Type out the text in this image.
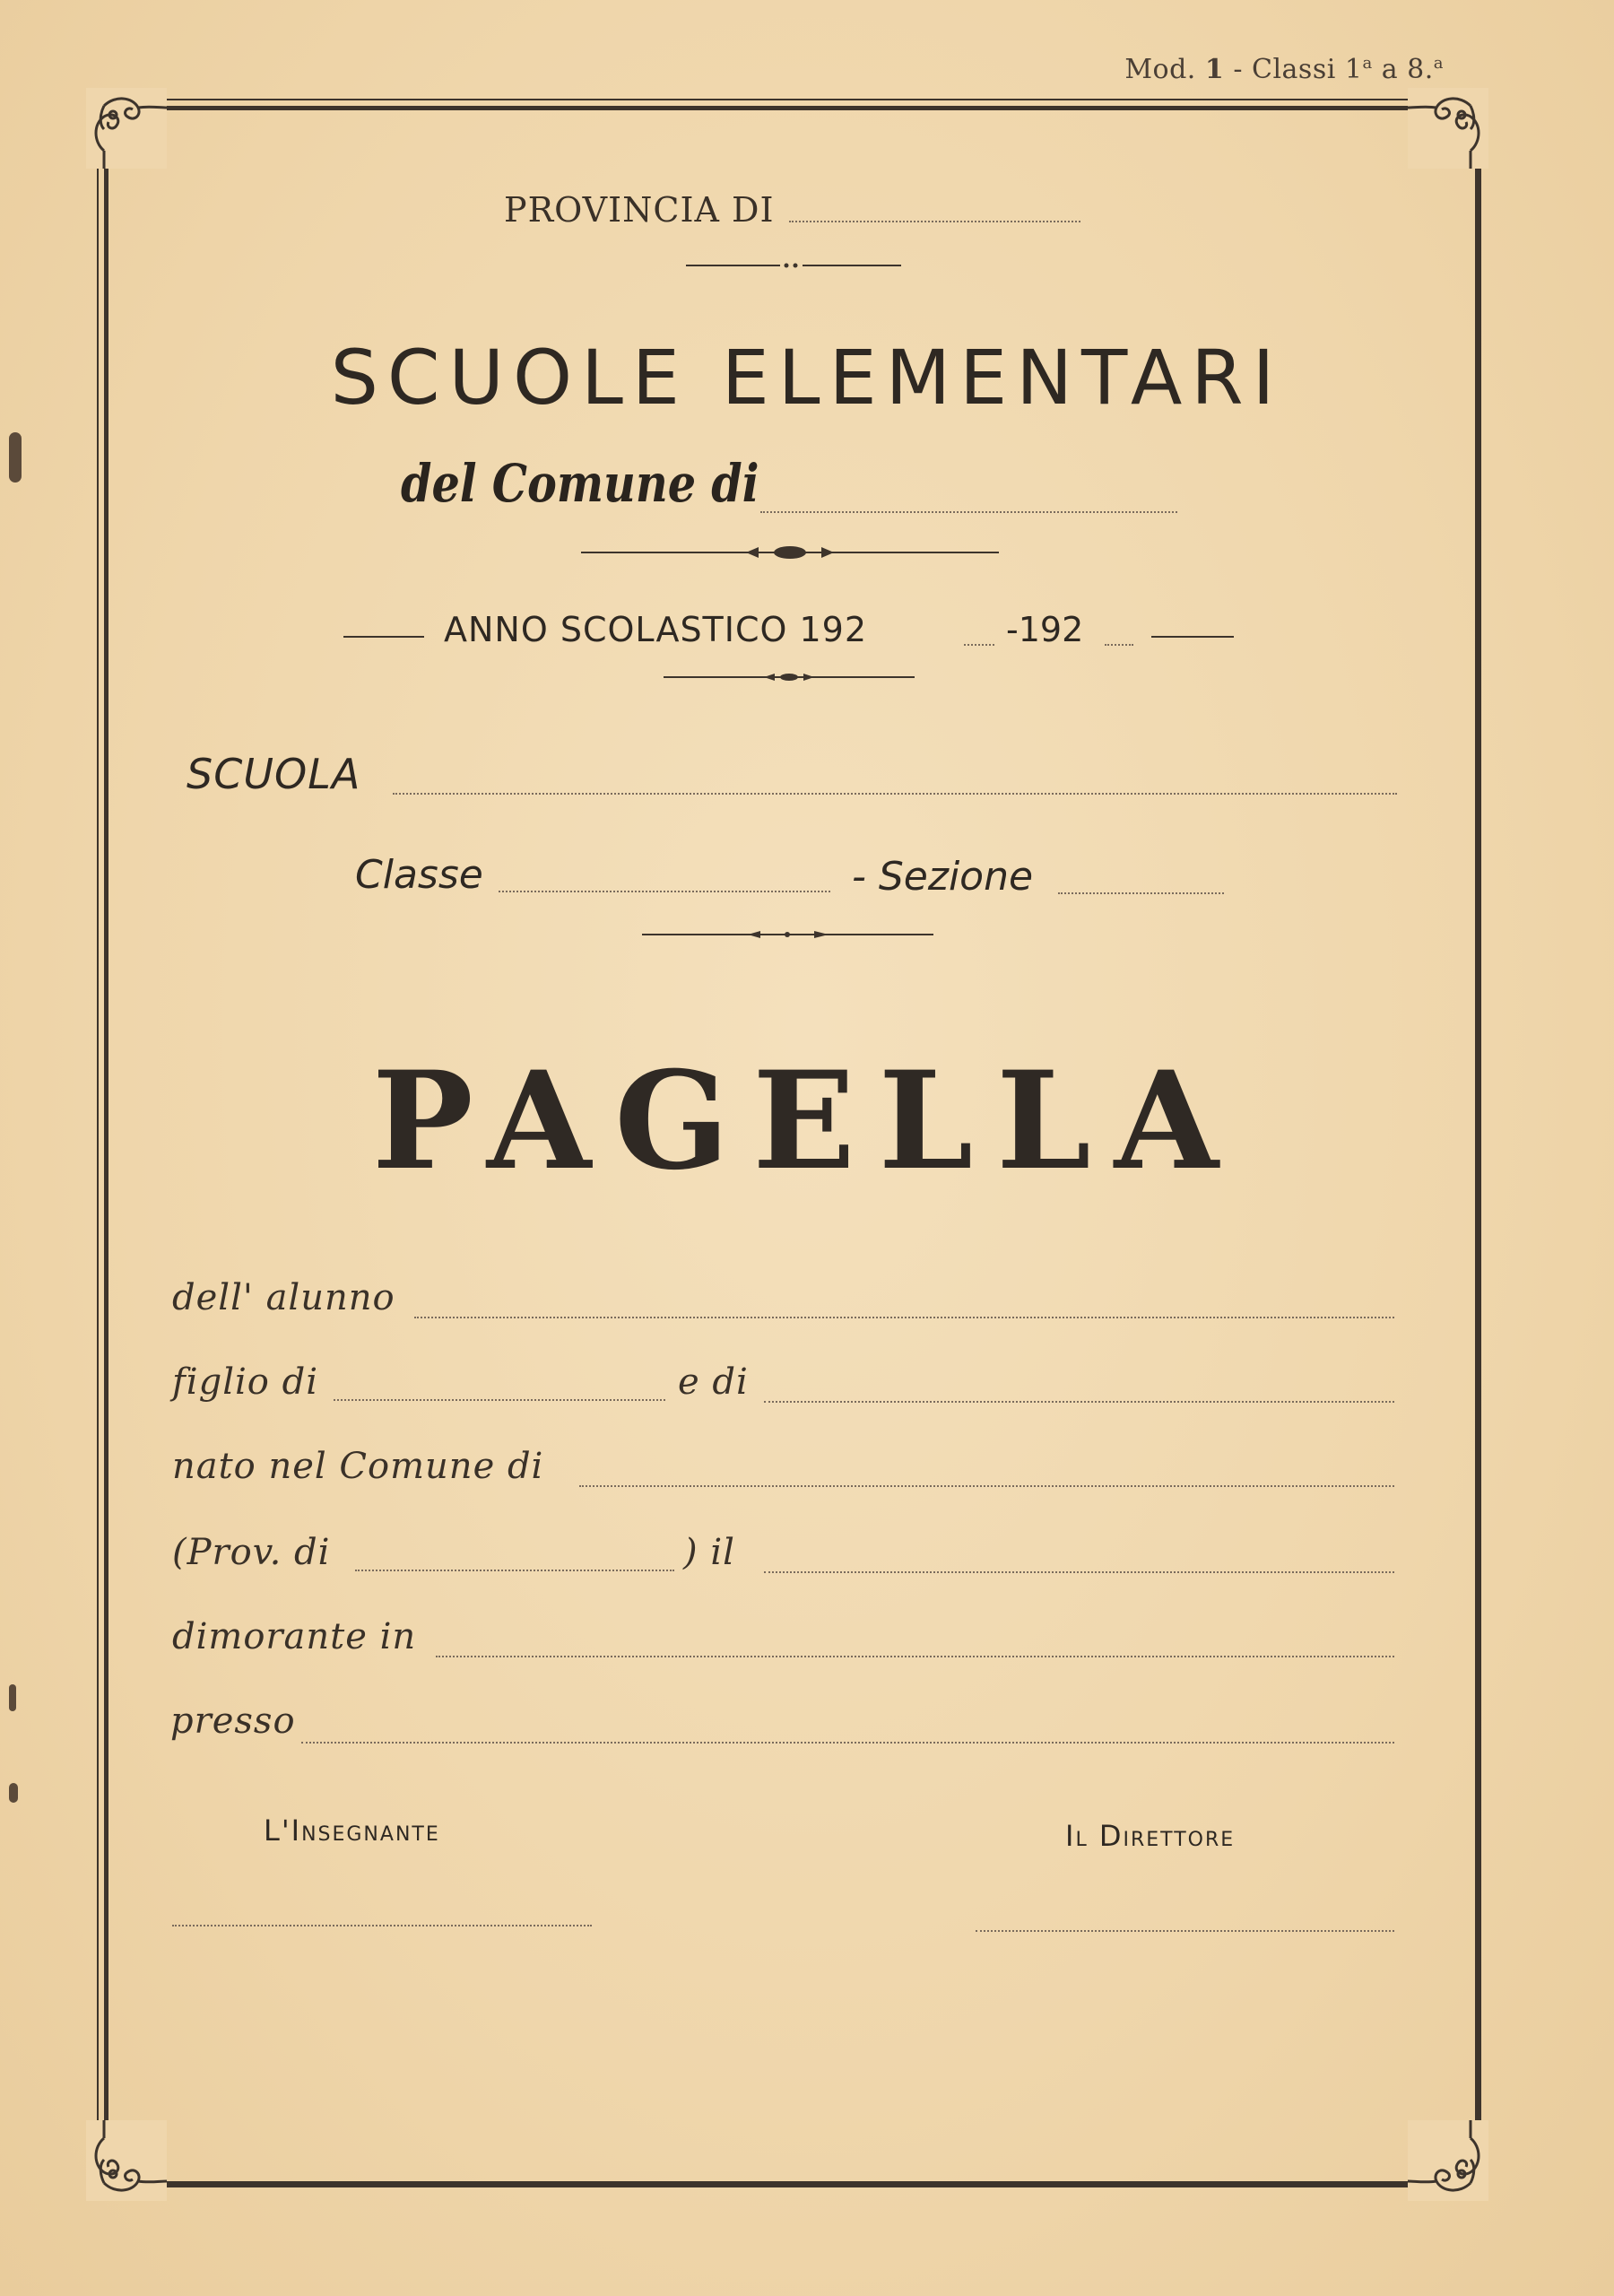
Mod. 1 - Classi 1$^a$ a 8.$^a$
PROVINCIA DI
SCUOLE ELEMENTARI
del Comune di
ANNO SCOLASTICO 192	-192
SCUOLA
Classe	- Sezione
PAGELLA
dell' alunno
figlio di	e di
nato nel Comune di
(Prov. di	) il
dimorante in
presso
L'Insegnante	Il Direttore
